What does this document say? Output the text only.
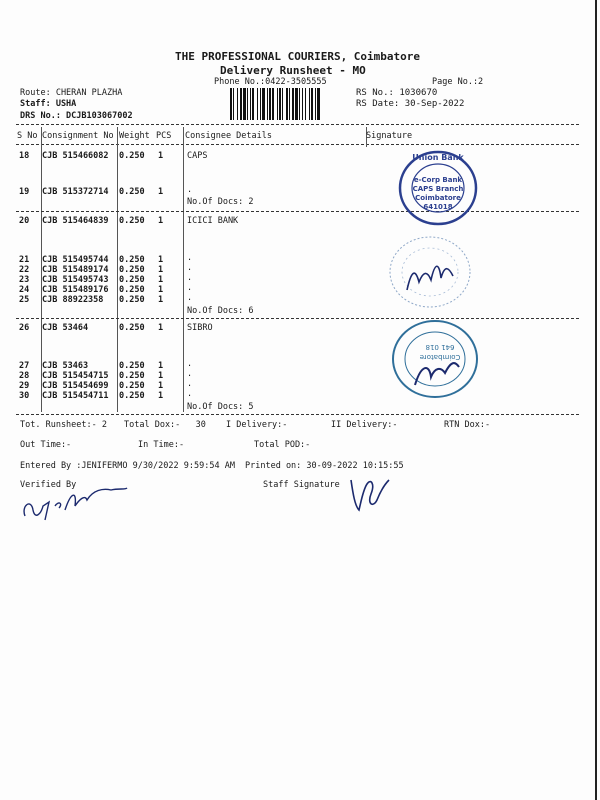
THE PROFESSIONAL COURIERS, Coimbatore
Delivery Runsheet - MO
Phone No.:0422-3505555	Page No.:2
Route: CHERAN PLAZHA
Staff: USHA
DRS No.: DCJB103067002
RS No.: 1030670
RS Date: 30-Sep-2022
S No Consignment No Weight PCS Consignee Details	Signature
18 CJB 515466082 0.250 1	CAPS
19 CJB 515372714 0.250 1	.
No.Of Docs: 2
20 CJB 515464839 0.250 1	ICICI BANK
21 CJB 515495744 0.250 1	.
22 CJB 515489174 0.250 1	.
23 CJB 515495743 0.250 1	.
24 CJB 515489176 0.250 1	.
25 CJB 88922358 0.250 1	.
No.Of Docs: 6
26 CJB 53464	0.250 1	SIBRO
27 CJB 53463	0.250 1	.
28 CJB 515454715 0.250 1	.
29 CJB 515454699 0.250 1	.
30 CJB 515454711 0.250 1	.
No.Of Docs: 5
e-Corp Bank
CAPS Branch
Coimbatore
641018
Union Bank
641 018
Coimbatore
Tot. Runsheet:- 2 Total Dox:-   30 I Delivery:-	II Delivery:-	RTN Dox:-
Out Time:-	In Time:-	Total POD:-
Entered By :JENIFERMO 9/30/2022 9:59:54 AM Printed on: 30-09-2022 10:15:55
Verified By	Staff Signature
